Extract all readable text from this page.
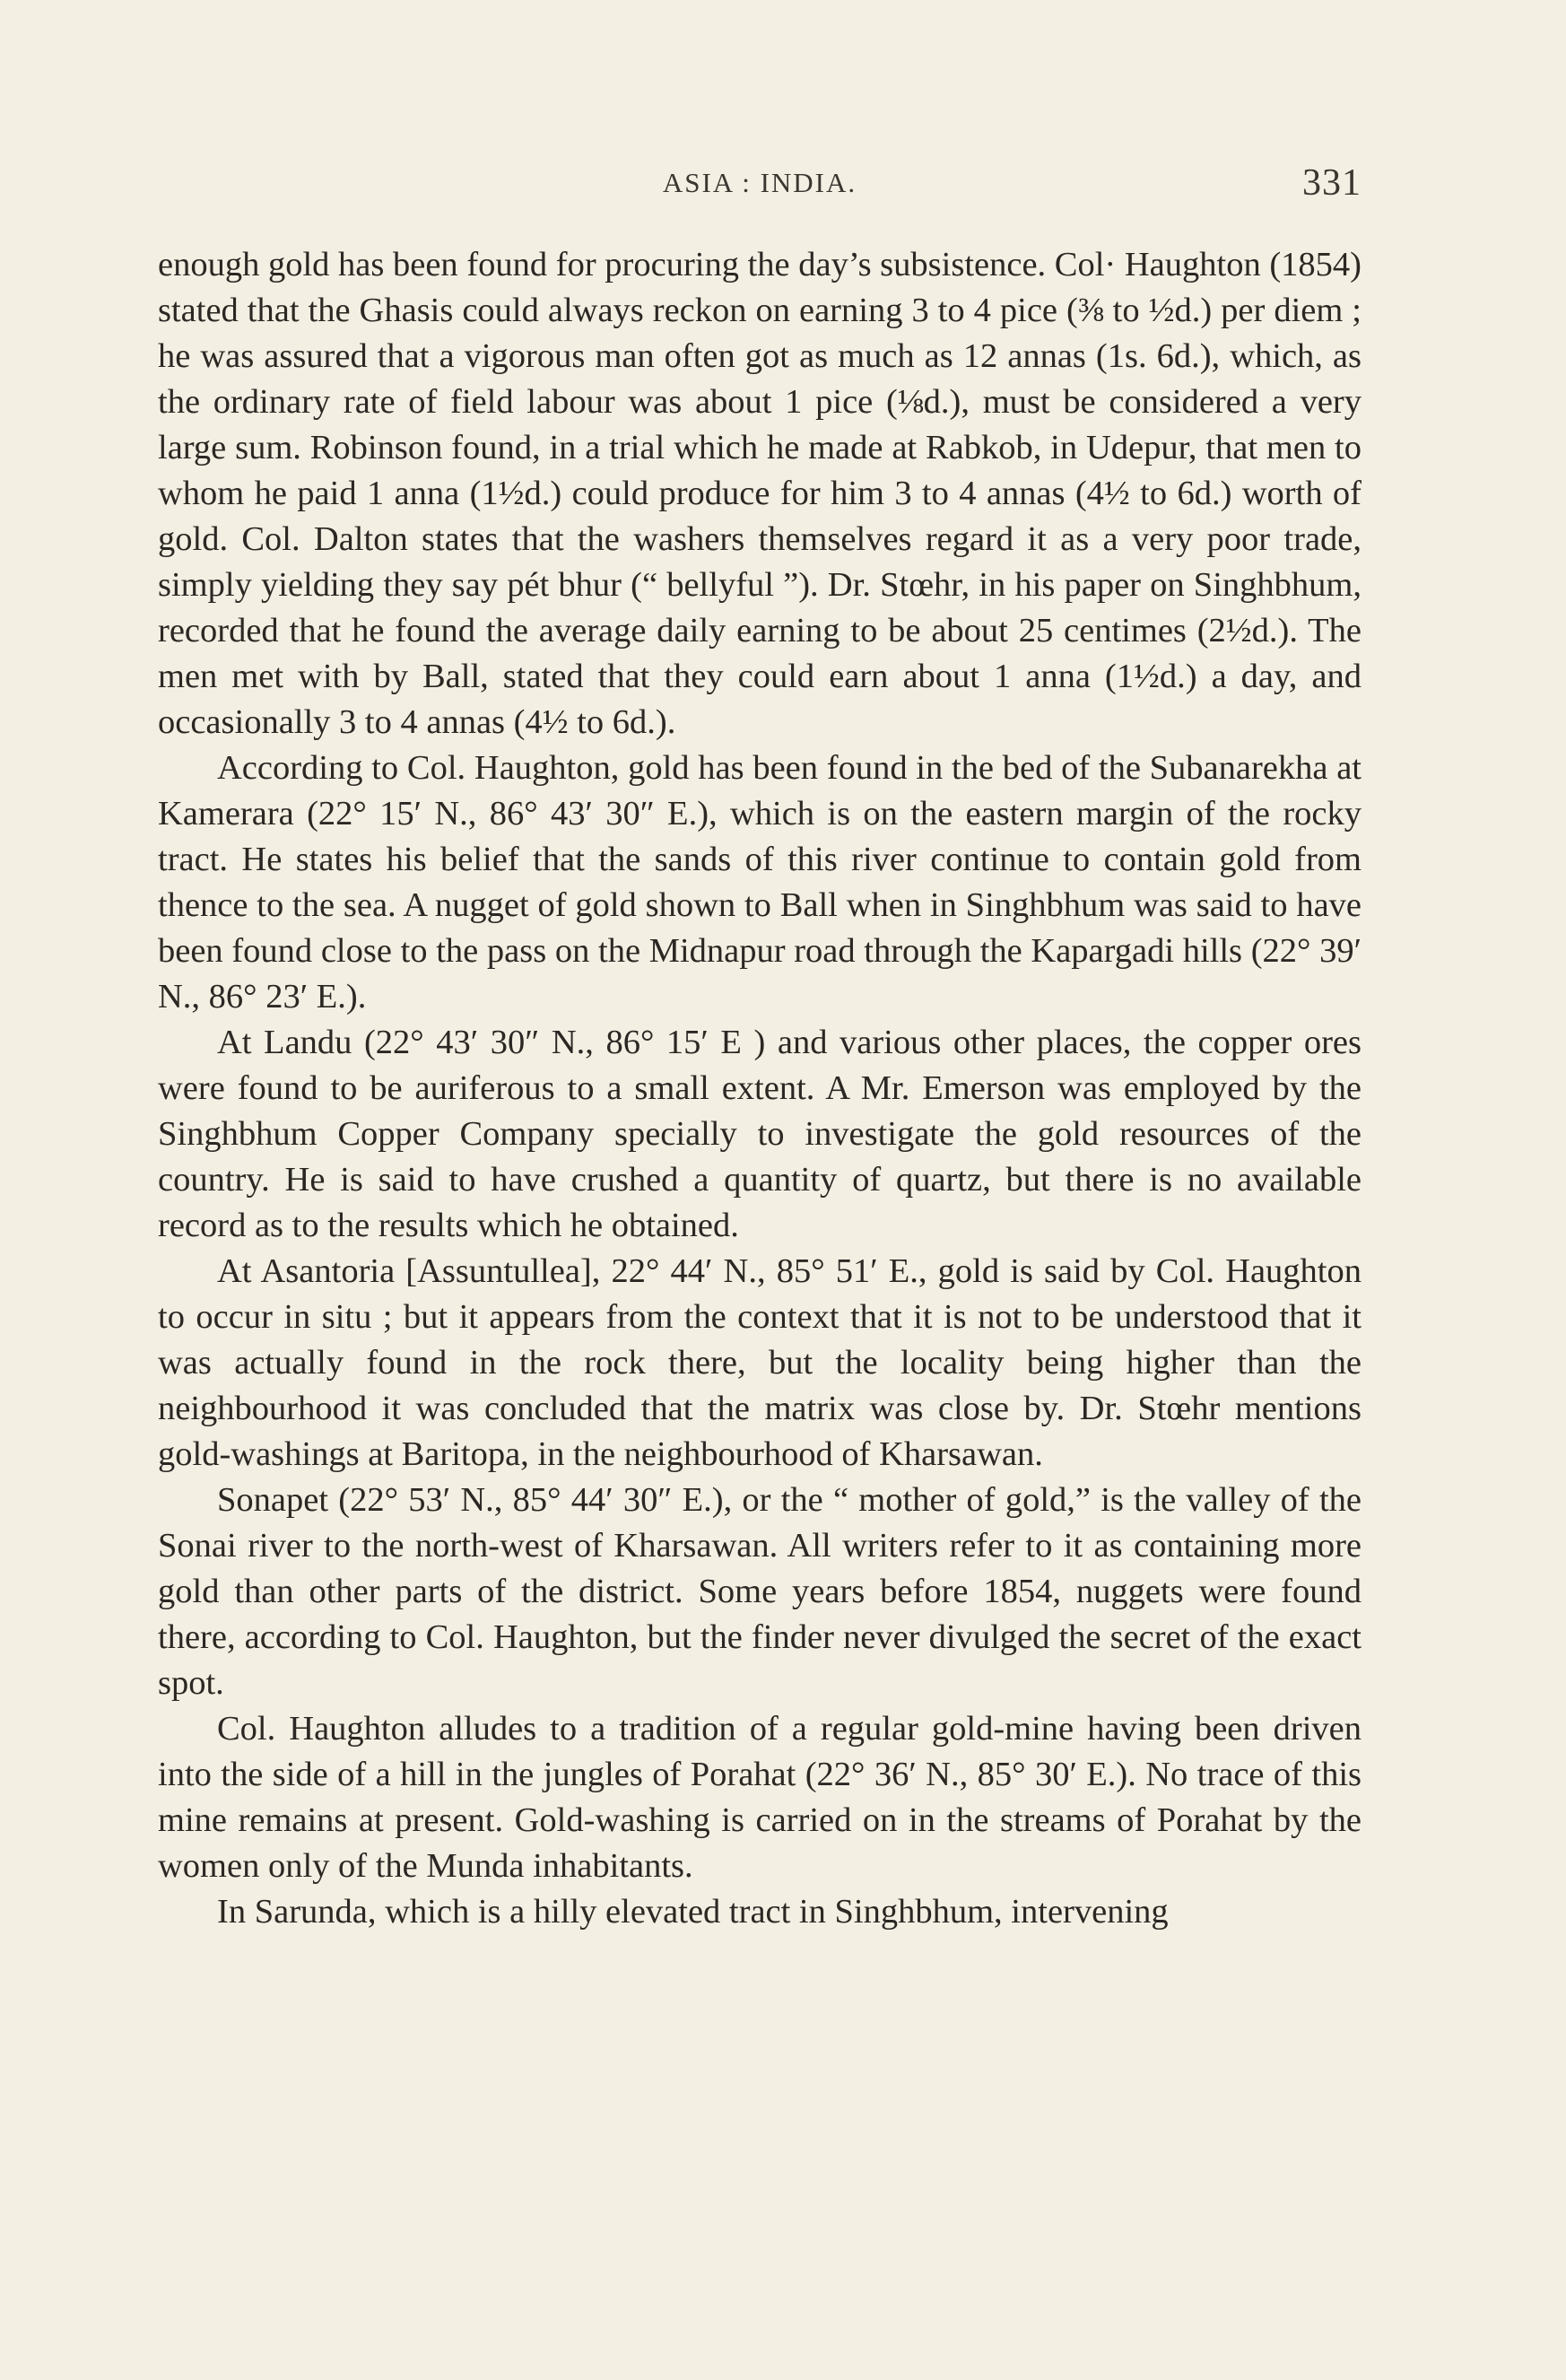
ASIA : INDIA.	331

enough gold has been found for procuring the day’s subsistence. Col· Haughton (1854) stated that the Ghasis could always reckon on earning 3 to 4 pice (⅜ to ½d.) per diem ; he was assured that a vigorous man often got as much as 12 annas (1s. 6d.), which, as the ordinary rate of field labour was about 1 pice (⅛d.), must be considered a very large sum. Robinson found, in a trial which he made at Rabkob, in Udepur, that men to whom he paid 1 anna (1½d.) could produce for him 3 to 4 annas (4½ to 6d.) worth of gold. Col. Dalton states that the washers themselves regard it as a very poor trade, simply yielding they say pét bhur (“ bellyful ”). Dr. Stœhr, in his paper on Singhbhum, recorded that he found the average daily earning to be about 25 centimes (2½d.). The men met with by Ball, stated that they could earn about 1 anna (1½d.) a day, and occasionally 3 to 4 annas (4½ to 6d.).

According to Col. Haughton, gold has been found in the bed of the Subanarekha at Kamerara (22° 15′ N., 86° 43′ 30″ E.), which is on the eastern margin of the rocky tract. He states his belief that the sands of this river continue to contain gold from thence to the sea. A nugget of gold shown to Ball when in Singhbhum was said to have been found close to the pass on the Midnapur road through the Kapargadi hills (22° 39′ N., 86° 23′ E.).

At Landu (22° 43′ 30″ N., 86° 15′ E ) and various other places, the copper ores were found to be auriferous to a small extent. A Mr. Emerson was employed by the Singhbhum Copper Company specially to investigate the gold resources of the country. He is said to have crushed a quantity of quartz, but there is no available record as to the results which he obtained.

At Asantoria [Assuntullea], 22° 44′ N., 85° 51′ E., gold is said by Col. Haughton to occur in situ ; but it appears from the context that it is not to be understood that it was actually found in the rock there, but the locality being higher than the neighbourhood it was concluded that the matrix was close by. Dr. Stœhr mentions gold-washings at Baritopa, in the neighbourhood of Kharsawan.

Sonapet (22° 53′ N., 85° 44′ 30″ E.), or the “ mother of gold,” is the valley of the Sonai river to the north-west of Kharsawan. All writers refer to it as containing more gold than other parts of the district. Some years before 1854, nuggets were found there, according to Col. Haughton, but the finder never divulged the secret of the exact spot.

Col. Haughton alludes to a tradition of a regular gold-mine having been driven into the side of a hill in the jungles of Porahat (22° 36′ N., 85° 30′ E.). No trace of this mine remains at present. Gold-washing is carried on in the streams of Porahat by the women only of the Munda inhabitants.

In Sarunda, which is a hilly elevated tract in Singhbhum, intervening
